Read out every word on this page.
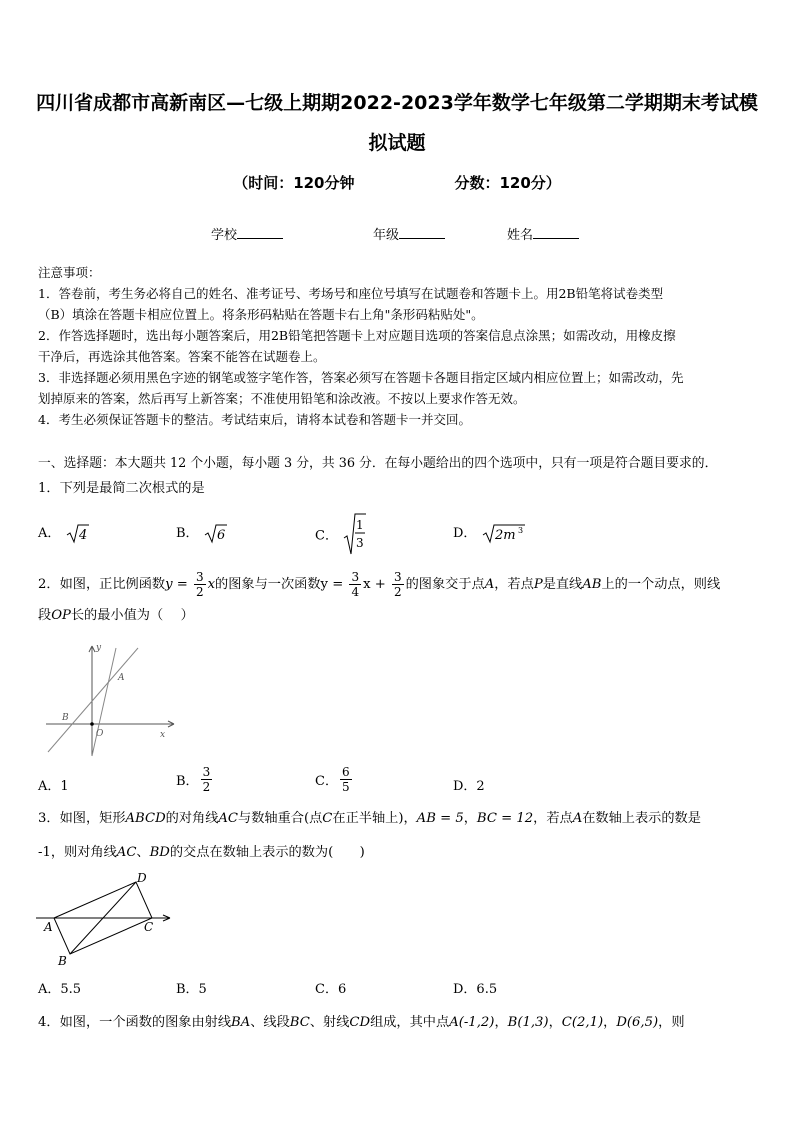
四川省成都市高新南区—七级上期期2022-2023学年数学七年级第二学期期末考试模
拟试题
（时间：120分钟	分数：120分）
学校	年级	姓名

注意事项：

1．答卷前，考生务必将自己的姓名、准考证号、考场号和座位号填写在试题卷和答题卡上。用2B铅笔将试卷类型

（B）填涂在答题卡相应位置上。将条形码粘贴在答题卡右上角"条形码粘贴处"。

2．作答选择题时，选出每小题答案后，用2B铅笔把答题卡上对应题目选项的答案信息点涂黑；如需改动，用橡皮擦

干净后，再选涂其他答案。答案不能答在试题卷上。

3．非选择题必须用黑色字迹的钢笔或签字笔作答，答案必须写在答题卡各题目指定区域内相应位置上；如需改动，先

划掉原来的答案，然后再写上新答案；不准使用铅笔和涂改液。不按以上要求作答无效。

4．考生必须保证答题卡的整洁。考试结束后，请将本试卷和答题卡一并交回。

一、选择题：本大题共 12 个小题，每小题 3 分，共 36 分．在每小题给出的四个选项中，只有一项是符合题目要求的．

1．下列是最简二次根式的是

A． 4	B． 6	C．
1
3
D． 2m 3

2．如图，正比例函数$y = \frac{3}{2}$ x的图象与一次函数$y = \frac{3}{4}$ $x + \frac{3}{2}$ 的图象交于点A，若点P是直线AB上的一个动点，则线

段OP长的最小值为（　 ）

y
x
A
B
O
A．1	B． $\frac{3}{2}$	C． $\frac{6}{5}$	D．2

3．如图，矩形ABCD的对角线AC与数轴重合(点C在正半轴上)，AB = 5，BC = 12，若点A在数轴上表示的数是

-1，则对角线AC、BD的交点在数轴上表示的数为(　　)

A
B
C
D
A．5.5	B．5	C．6	D．6.5

4．如图，一个函数的图象由射线BA、线段BC、射线CD组成，其中点A(-1,2)，B(1,3)，C(2,1)，D(6,5)，则
